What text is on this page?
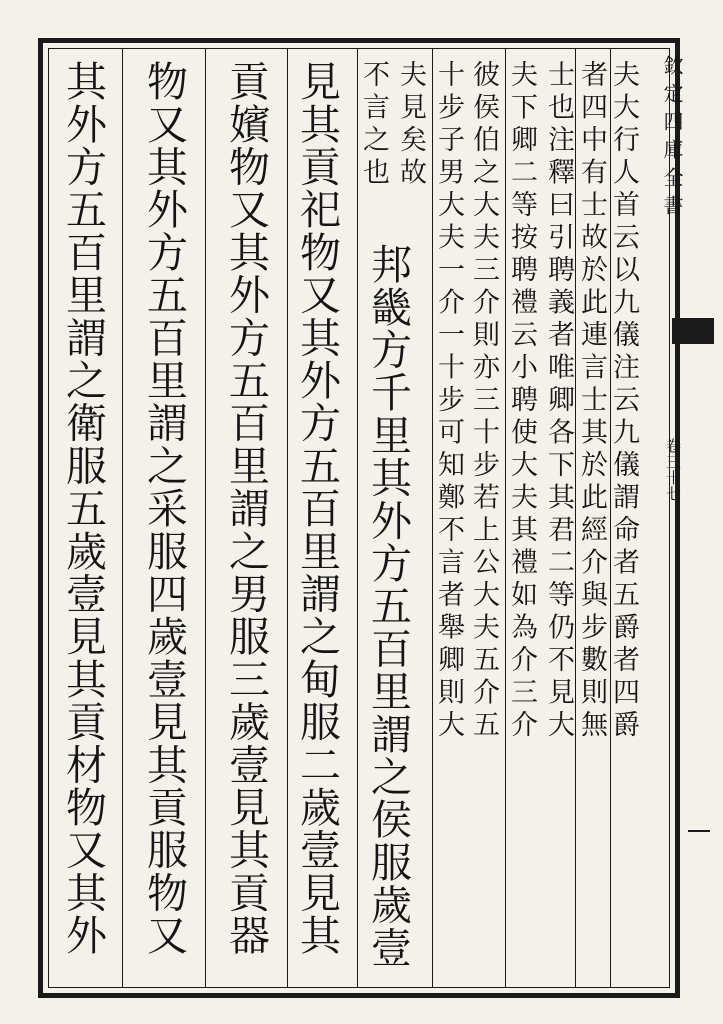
欽定四庫全書
卷三十七
夫大行人首云以九儀注云九儀謂命者五爵者四爵
者四中有士故於此連言士其於此經介與步數則無
士也注釋曰引聘義者唯卿各下其君二等仍不見大
夫下卿二等按聘禮云小聘使大夫其禮如為介三介
彼侯伯之大夫三介則亦三十步若上公大夫五介五
十步子男大夫一介一十步可知鄭不言者舉卿則大
夫見矣故
不言之也
邦畿方千里其外方五百里謂之侯服歲壹
見其貢祀物又其外方五百里謂之甸服二歲壹見其
貢嬪物又其外方五百里謂之男服三歲壹見其貢器
物又其外方五百里謂之采服四歲壹見其貢服物又
其外方五百里謂之衛服五歲壹見其貢材物又其外
